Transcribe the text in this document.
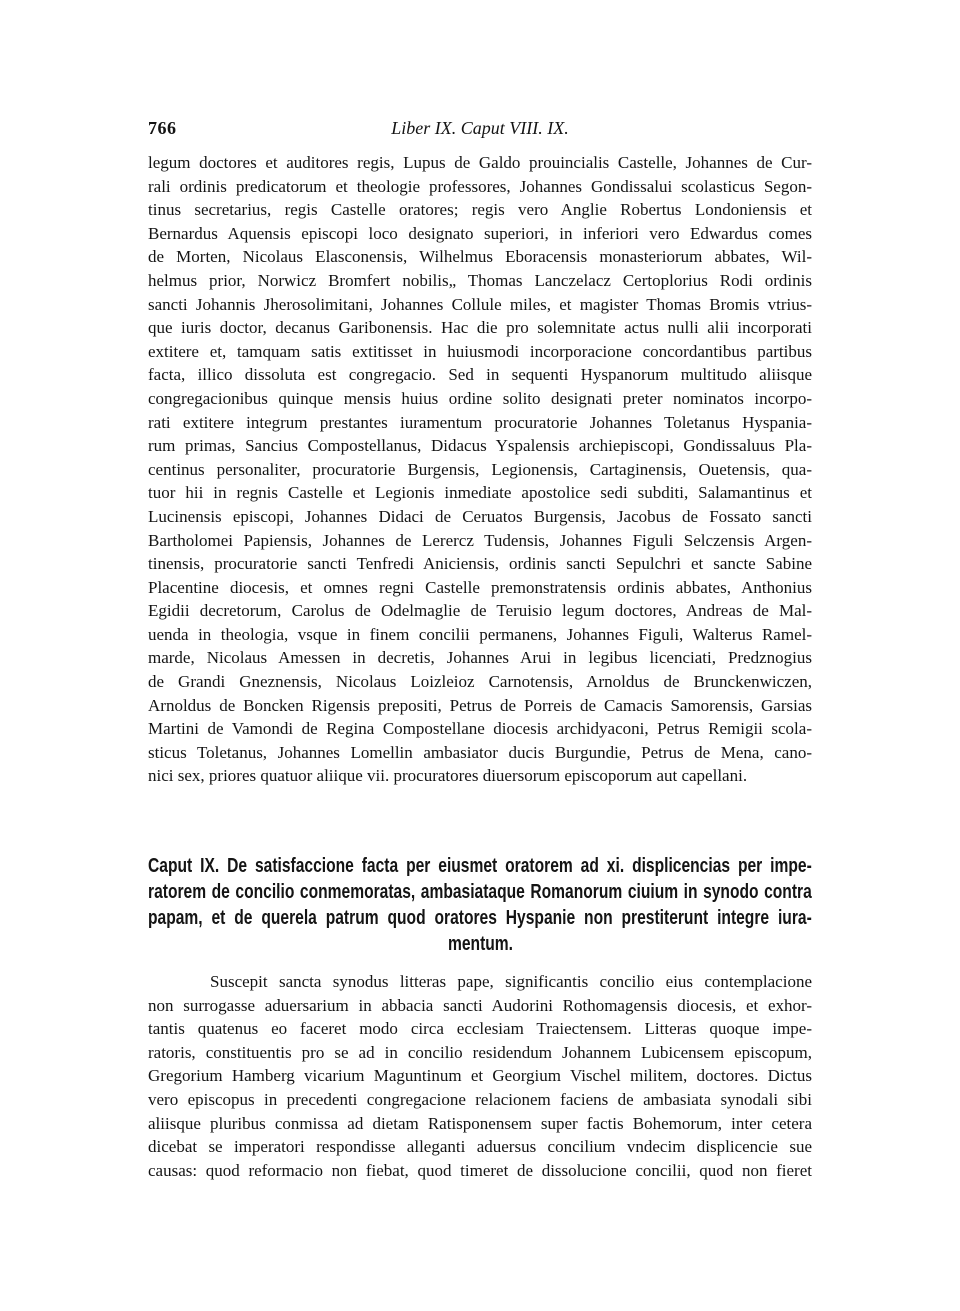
766	Liber IX. Caput VIII. IX.
legum doctores et auditores regis, Lupus de Galdo prouincialis Castelle, Johannes de Cur-
rali ordinis predicatorum et theologie professores, Johannes Gondissalui scolasticus Segon-
tinus secretarius, regis Castelle oratores; regis vero Anglie Robertus Londoniensis et
Bernardus Aquensis episcopi loco designato superiori, in inferiori vero Edwardus comes
de Morten, Nicolaus Elasconensis, Wilhelmus Eboracensis monasteriorum abbates, Wil-
helmus prior, Norwicz Bromfert nobilis„ Thomas Lanczelacz Certoplorius Rodi ordinis
sancti Johannis Jherosolimitani, Johannes Collule miles, et magister Thomas Bromis vtrius-
que iuris doctor, decanus Garibonensis. Hac die pro solemnitate actus nulli alii incorporati
extitere et, tamquam satis extitisset in huiusmodi incorporacione concordantibus partibus
facta, illico dissoluta est congregacio. Sed in sequenti Hyspanorum multitudo aliisque
congregacionibus quinque mensis huius ordine solito designati preter nominatos incorpo-
rati extitere integrum prestantes iuramentum procuratorie Johannes Toletanus Hyspania-
rum primas, Sancius Compostellanus, Didacus Yspalensis archiepiscopi, Gondissaluus Pla-
centinus personaliter, procuratorie Burgensis, Legionensis, Cartaginensis, Ouetensis, qua-
tuor hii in regnis Castelle et Legionis inmediate apostolice sedi subditi, Salamantinus et
Lucinensis episcopi, Johannes Didaci de Ceruatos Burgensis, Jacobus de Fossato sancti
Bartholomei Papiensis, Johannes de Lerercz Tudensis, Johannes Figuli Selczensis Argen-
tinensis, procuratorie sancti Tenfredi Aniciensis, ordinis sancti Sepulchri et sancte Sabine
Placentine diocesis, et omnes regni Castelle premonstratensis ordinis abbates, Anthonius
Egidii decretorum, Carolus de Odelmaglie de Teruisio legum doctores, Andreas de Mal-
uenda in theologia, vsque in finem concilii permanens, Johannes Figuli, Walterus Ramel-
marde, Nicolaus Amessen in decretis, Johannes Arui in legibus licenciati, Predznogius
de Grandi Gneznensis, Nicolaus Loizleioz Carnotensis, Arnoldus de Brunckenwiczen,
Arnoldus de Boncken Rigensis prepositi, Petrus de Porreis de Camacis Samorensis, Garsias
Martini de Vamondi de Regina Compostellane diocesis archidyaconi, Petrus Remigii scola-
sticus Toletanus, Johannes Lomellin ambasiator ducis Burgundie, Petrus de Mena, cano-
nici sex, priores quatuor aliique vii. procuratores diuersorum episcoporum aut capellani.
Caput IX. De satisfaccione facta per eiusmet oratorem ad xi. displicencias per impe-
ratorem de concilio conmemoratas, ambasiataque Romanorum ciuium in synodo contra
papam, et de querela patrum quod oratores Hyspanie non prestiterunt integre iura-
mentum.
Suscepit sancta synodus litteras pape, significantis concilio eius contemplacione
non surrogasse aduersarium in abbacia sancti Audorini Rothomagensis diocesis, et exhor-
tantis quatenus eo faceret modo circa ecclesiam Traiectensem. Litteras quoque impe-
ratoris, constituentis pro se ad in concilio residendum Johannem Lubicensem episcopum,
Gregorium Hamberg vicarium Maguntinum et Georgium Vischel militem, doctores. Dictus
vero episcopus in precedenti congregacione relacionem faciens de ambasiata synodali sibi
aliisque pluribus conmissa ad dietam Ratisponensem super factis Bohemorum, inter cetera
dicebat se imperatori respondisse alleganti aduersus concilium vndecim displicencie sue
causas: quod reformacio non fiebat, quod timeret de dissolucione concilii, quod non fieret
